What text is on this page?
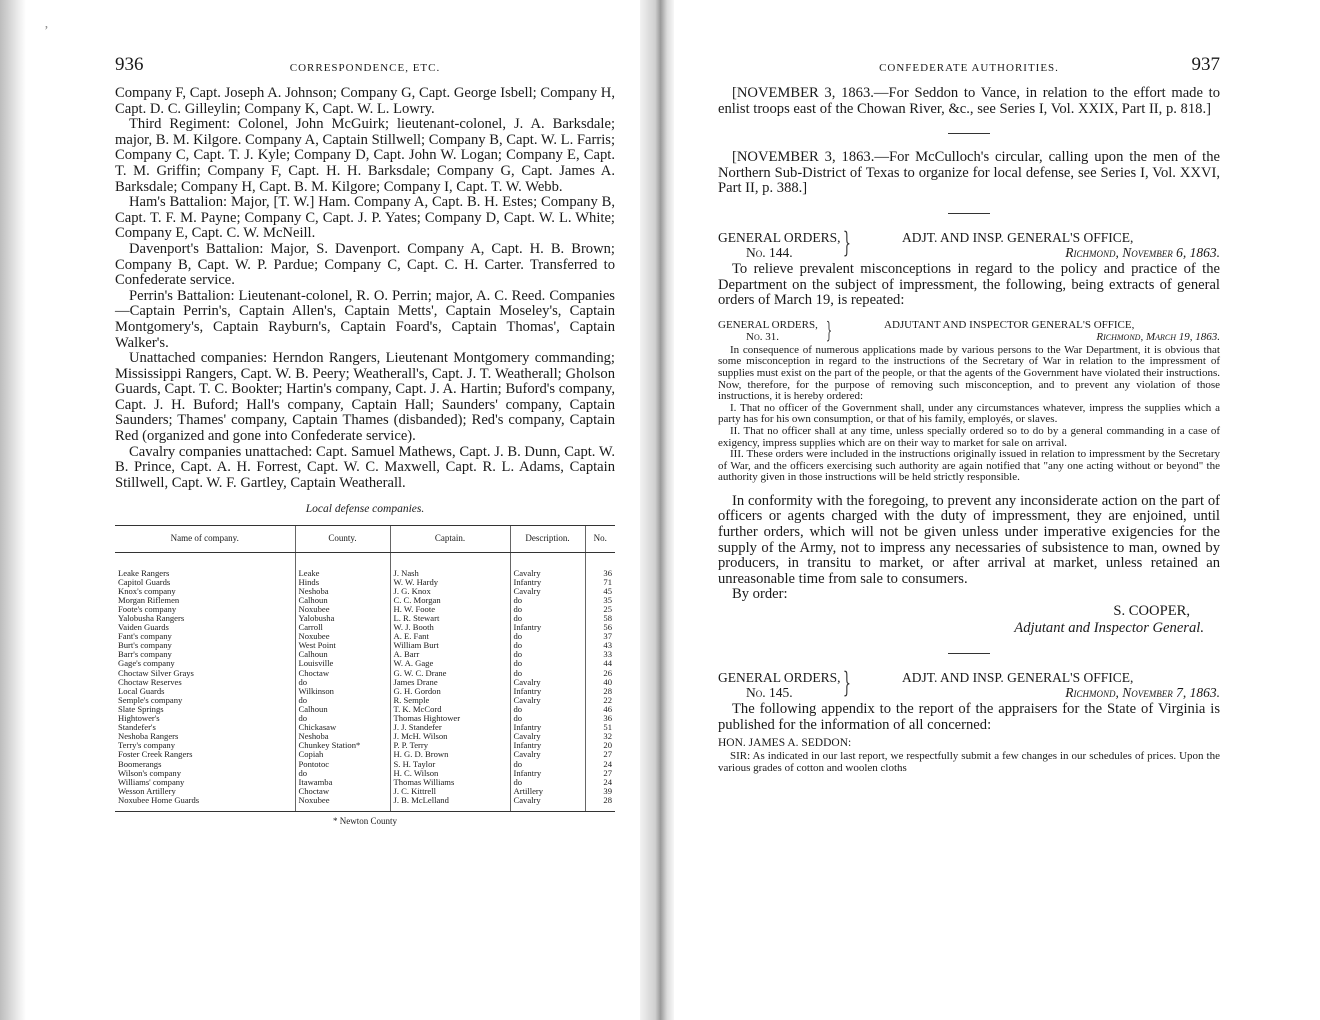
ʼ
936	CORRESPONDENCE, ETC.

Company F, Capt. Joseph A. Johnson; Company G, Capt. George Isbell; Company H, Capt. D. C. Gilleylin; Company K, Capt. W. L. Lowry.

Third Regiment: Colonel, John McGuirk; lieutenant-colonel, J. A. Barksdale; major, B. M. Kilgore. Company A, Captain Stillwell; Company B, Capt. W. L. Farris; Company C, Capt. T. J. Kyle; Company D, Capt. John W. Logan; Company E, Capt. T. M. Griffin; Company F, Capt. H. H. Barksdale; Company G, Capt. James A. Barksdale; Company H, Capt. B. M. Kilgore; Company I, Capt. T. W. Webb.

Ham's Battalion: Major, [T. W.] Ham. Company A, Capt. B. H. Estes; Company B, Capt. T. F. M. Payne; Company C, Capt. J. P. Yates; Company D, Capt. W. L. White; Company E, Capt. C. W. McNeill.

Davenport's Battalion: Major, S. Davenport. Company A, Capt. H. B. Brown; Company B, Capt. W. P. Pardue; Company C, Capt. C. H. Carter. Transferred to Confederate service.

Perrin's Battalion: Lieutenant-colonel, R. O. Perrin; major, A. C. Reed. Companies—Captain Perrin's, Captain Allen's, Captain Metts', Captain Moseley's, Captain Montgomery's, Captain Rayburn's, Captain Foard's, Captain Thomas', Captain Walker's.

Unattached companies: Herndon Rangers, Lieutenant Montgomery commanding; Mississippi Rangers, Capt. W. B. Peery; Weatherall's, Capt. J. T. Weatherall; Gholson Guards, Capt. T. C. Bookter; Hartin's company, Capt. J. A. Hartin; Buford's company, Capt. J. H. Buford; Hall's company, Captain Hall; Saunders' company, Captain Saunders; Thames' company, Captain Thames (disbanded); Red's company, Captain Red (organized and gone into Confederate service).

Cavalry companies unattached: Capt. Samuel Mathews, Capt. J. B. Dunn, Capt. W. B. Prince, Capt. A. H. Forrest, Capt. W. C. Maxwell, Capt. R. L. Adams, Captain Stillwell, Capt. W. F. Gartley, Captain Weatherall.

Local defense companies.
Name of company.	County.	Captain.	Description.	No.
Leake Rangers	Leake	J. Nash	Cavalry	36
Capitol Guards	Hinds	W. W. Hardy	Infantry	71
Knox's company	Neshoba	J. G. Knox	Cavalry	45
Morgan Riflemen	Calhoun	C. C. Morgan	do	35
Foote's company	Noxubee	H. W. Foote	do	25
Yalobusha Rangers	Yalobusha	L. R. Stewart	do	58
Vaiden Guards	Carroll	W. J. Booth	Infantry	56
Fant's company	Noxubee	A. E. Fant	do	37
Burt's company	West Point	William Burt	do	43
Barr's company	Calhoun	A. Barr	do	33
Gage's company	Louisville	W. A. Gage	do	44
Choctaw Silver Grays	Choctaw	G. W. C. Drane	do	26
Choctaw Reserves	do	James Drane	Cavalry	40
Local Guards	Wilkinson	G. H. Gordon	Infantry	28
Semple's company	do	R. Semple	Cavalry	22
Slate Springs	Calhoun	T. K. McCord	do	46
Hightower's	do	Thomas Hightower	do	36
Standefer's	Chickasaw	J. J. Standefer	Infantry	51
Neshoba Rangers	Neshoba	J. McH. Wilson	Cavalry	32
Terry's company	Chunkey Station*	P. P. Terry	Infantry	20
Foster Creek Rangers	Copiah	H. G. D. Brown	Cavalry	27
Boomerangs	Pontotoc	S. H. Taylor	do	24
Wilson's company	do	H. C. Wilson	Infantry	27
Williams' company	Itawamba	Thomas Williams	do	24
Wesson Artillery	Choctaw	J. C. Kittrell	Artillery	39
Noxubee Home Guards	Noxubee	J. B. McLelland	Cavalry	28
* Newton County
CONFEDERATE AUTHORITIES.	937

[NOVEMBER 3, 1863.—For Seddon to Vance, in relation to the effort made to enlist troops east of the Chowan River, &c., see Series I, Vol. XXIX, Part II, p. 818.]

[NOVEMBER 3, 1863.—For McCulloch's circular, calling upon the men of the Northern Sub-District of Texas to organize for local defense, see Series I, Vol. XXVI, Part II, p. 388.]

GENERAL ORDERS,
No. 144. }	ADJT. AND INSP. GENERAL'S OFFICE,
Richmond, November 6, 1863.

To relieve prevalent misconceptions in regard to the policy and practice of the Department on the subject of impressment, the following, being extracts of general orders of March 19, is repeated:

GENERAL ORDERS,
No. 31. }	ADJUTANT AND INSPECTOR GENERAL'S OFFICE,
Richmond, March 19, 1863.

In consequence of numerous applications made by various persons to the War Department, it is obvious that some misconception in regard to the instructions of the Secretary of War in relation to the impressment of supplies must exist on the part of the people, or that the agents of the Government have violated their instructions. Now, therefore, for the purpose of removing such misconception, and to prevent any violation of those instructions, it is hereby ordered:

I. That no officer of the Government shall, under any circumstances whatever, impress the supplies which a party has for his own consumption, or that of his family, employés, or slaves.

II. That no officer shall at any time, unless specially ordered so to do by a general commanding in a case of exigency, impress supplies which are on their way to market for sale on arrival.

III. These orders were included in the instructions originally issued in relation to impressment by the Secretary of War, and the officers exercising such authority are again notified that "any one acting without or beyond" the authority given in those instructions will be held strictly responsible.

In conformity with the foregoing, to prevent any inconsiderate action on the part of officers or agents charged with the duty of impressment, they are enjoined, until further orders, which will not be given unless under imperative exigencies for the supply of the Army, not to impress any necessaries of subsistence to man, owned by producers, in transitu to market, or after arrival at market, unless retained an unreasonable time from sale to consumers.

By order:

S. COOPER,
Adjutant and Inspector General.
GENERAL ORDERS,
No. 145. }	ADJT. AND INSP. GENERAL'S OFFICE,
Richmond, November 7, 1863.

The following appendix to the report of the appraisers for the State of Virginia is published for the information of all concerned:

HON. JAMES A. SEDDON:

SIR: As indicated in our last report, we respectfully submit a few changes in our schedules of prices. Upon the various grades of cotton and woolen cloths
